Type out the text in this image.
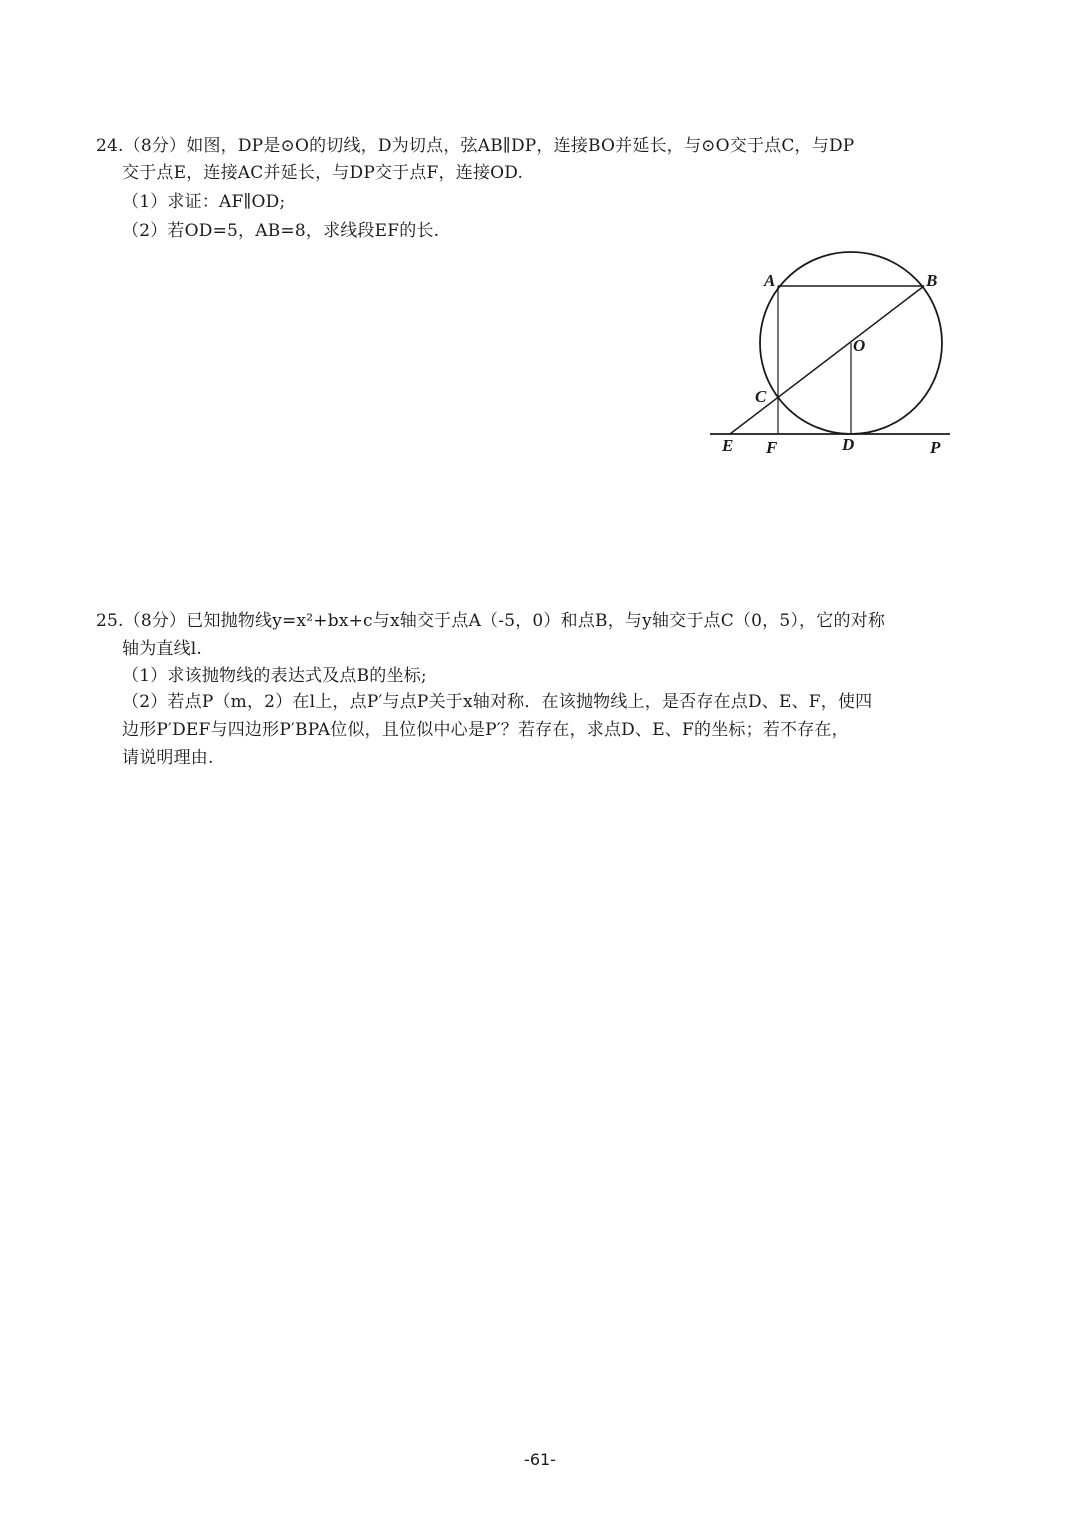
24.（8分）如图，DP是⊙O的切线，D为切点，弦AB∥DP，连接BO并延长，与⊙O交于点C，与DP
交于点E，连接AC并延长，与DP交于点F，连接OD.
（1）求证：AF∥OD;
（2）若OD=5，AB=8，求线段EF的长.
A	B
O
C
E F	D	P
25.（8分）已知抛物线y=x²+bx+c与x轴交于点A（-5，0）和点B，与y轴交于点C（0，5），它的对称
轴为直线l.
（1）求该抛物线的表达式及点B的坐标;
（2）若点P（m，2）在l上，点P′与点P关于x轴对称．在该抛物线上，是否存在点D、E、F，使四
边形P′DEF与四边形P′BPA位似，且位似中心是P′？若存在，求点D、E、F的坐标；若不存在，
请说明理由.
-61-
